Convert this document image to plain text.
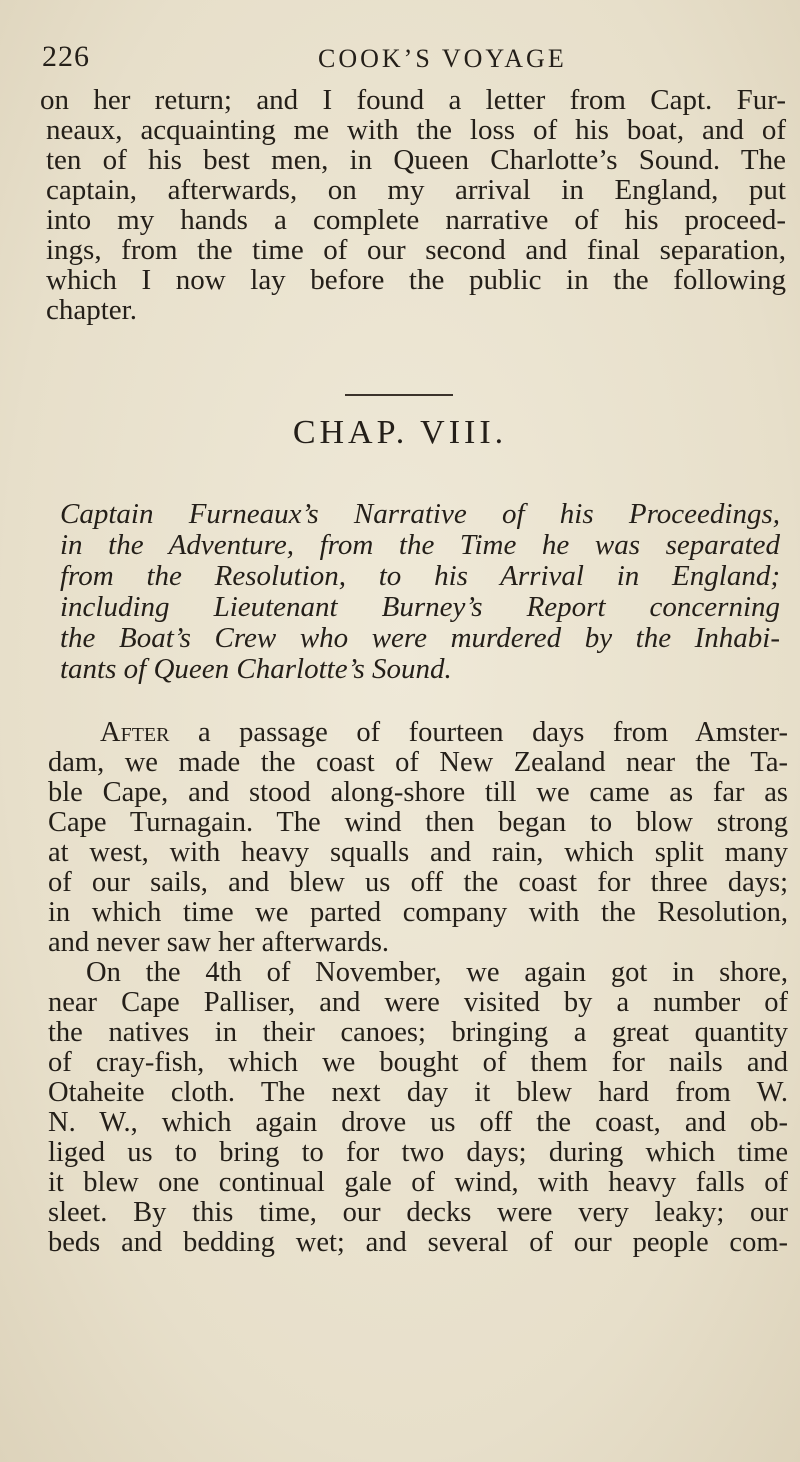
226	COOK’S VOYAGE
on her return; and I found a letter from Capt. Fur-
neaux, acquainting me with the loss of his boat, and of
ten of his best men, in Queen Charlotte’s Sound. The
captain, afterwards, on my arrival in England, put
into my hands a complete narrative of his proceed-
ings, from the time of our second and final separation,
which I now lay before the public in the following
chapter.
CHAP. VIII.
Captain Furneaux’s Narrative of his Proceedings,
in the Adventure, from the Time he was separated
from the Resolution, to his Arrival in England;
including Lieutenant Burney’s Report concerning
the Boat’s Crew who were murdered by the Inhabi-
tants of Queen Charlotte’s Sound.
After a passage of fourteen days from Amster-
dam, we made the coast of New Zealand near the Ta-
ble Cape, and stood along-shore till we came as far as
Cape Turnagain. The wind then began to blow strong
at west, with heavy squalls and rain, which split many
of our sails, and blew us off the coast for three days;
in which time we parted company with the Resolution,
and never saw her afterwards.
On the 4th of November, we again got in shore,
near Cape Palliser, and were visited by a number of
the natives in their canoes; bringing a great quantity
of cray-fish, which we bought of them for nails and
Otaheite cloth. The next day it blew hard from W.
N. W., which again drove us off the coast, and ob-
liged us to bring to for two days; during which time
it blew one continual gale of wind, with heavy falls of
sleet. By this time, our decks were very leaky; our
beds and bedding wet; and several of our people com-
